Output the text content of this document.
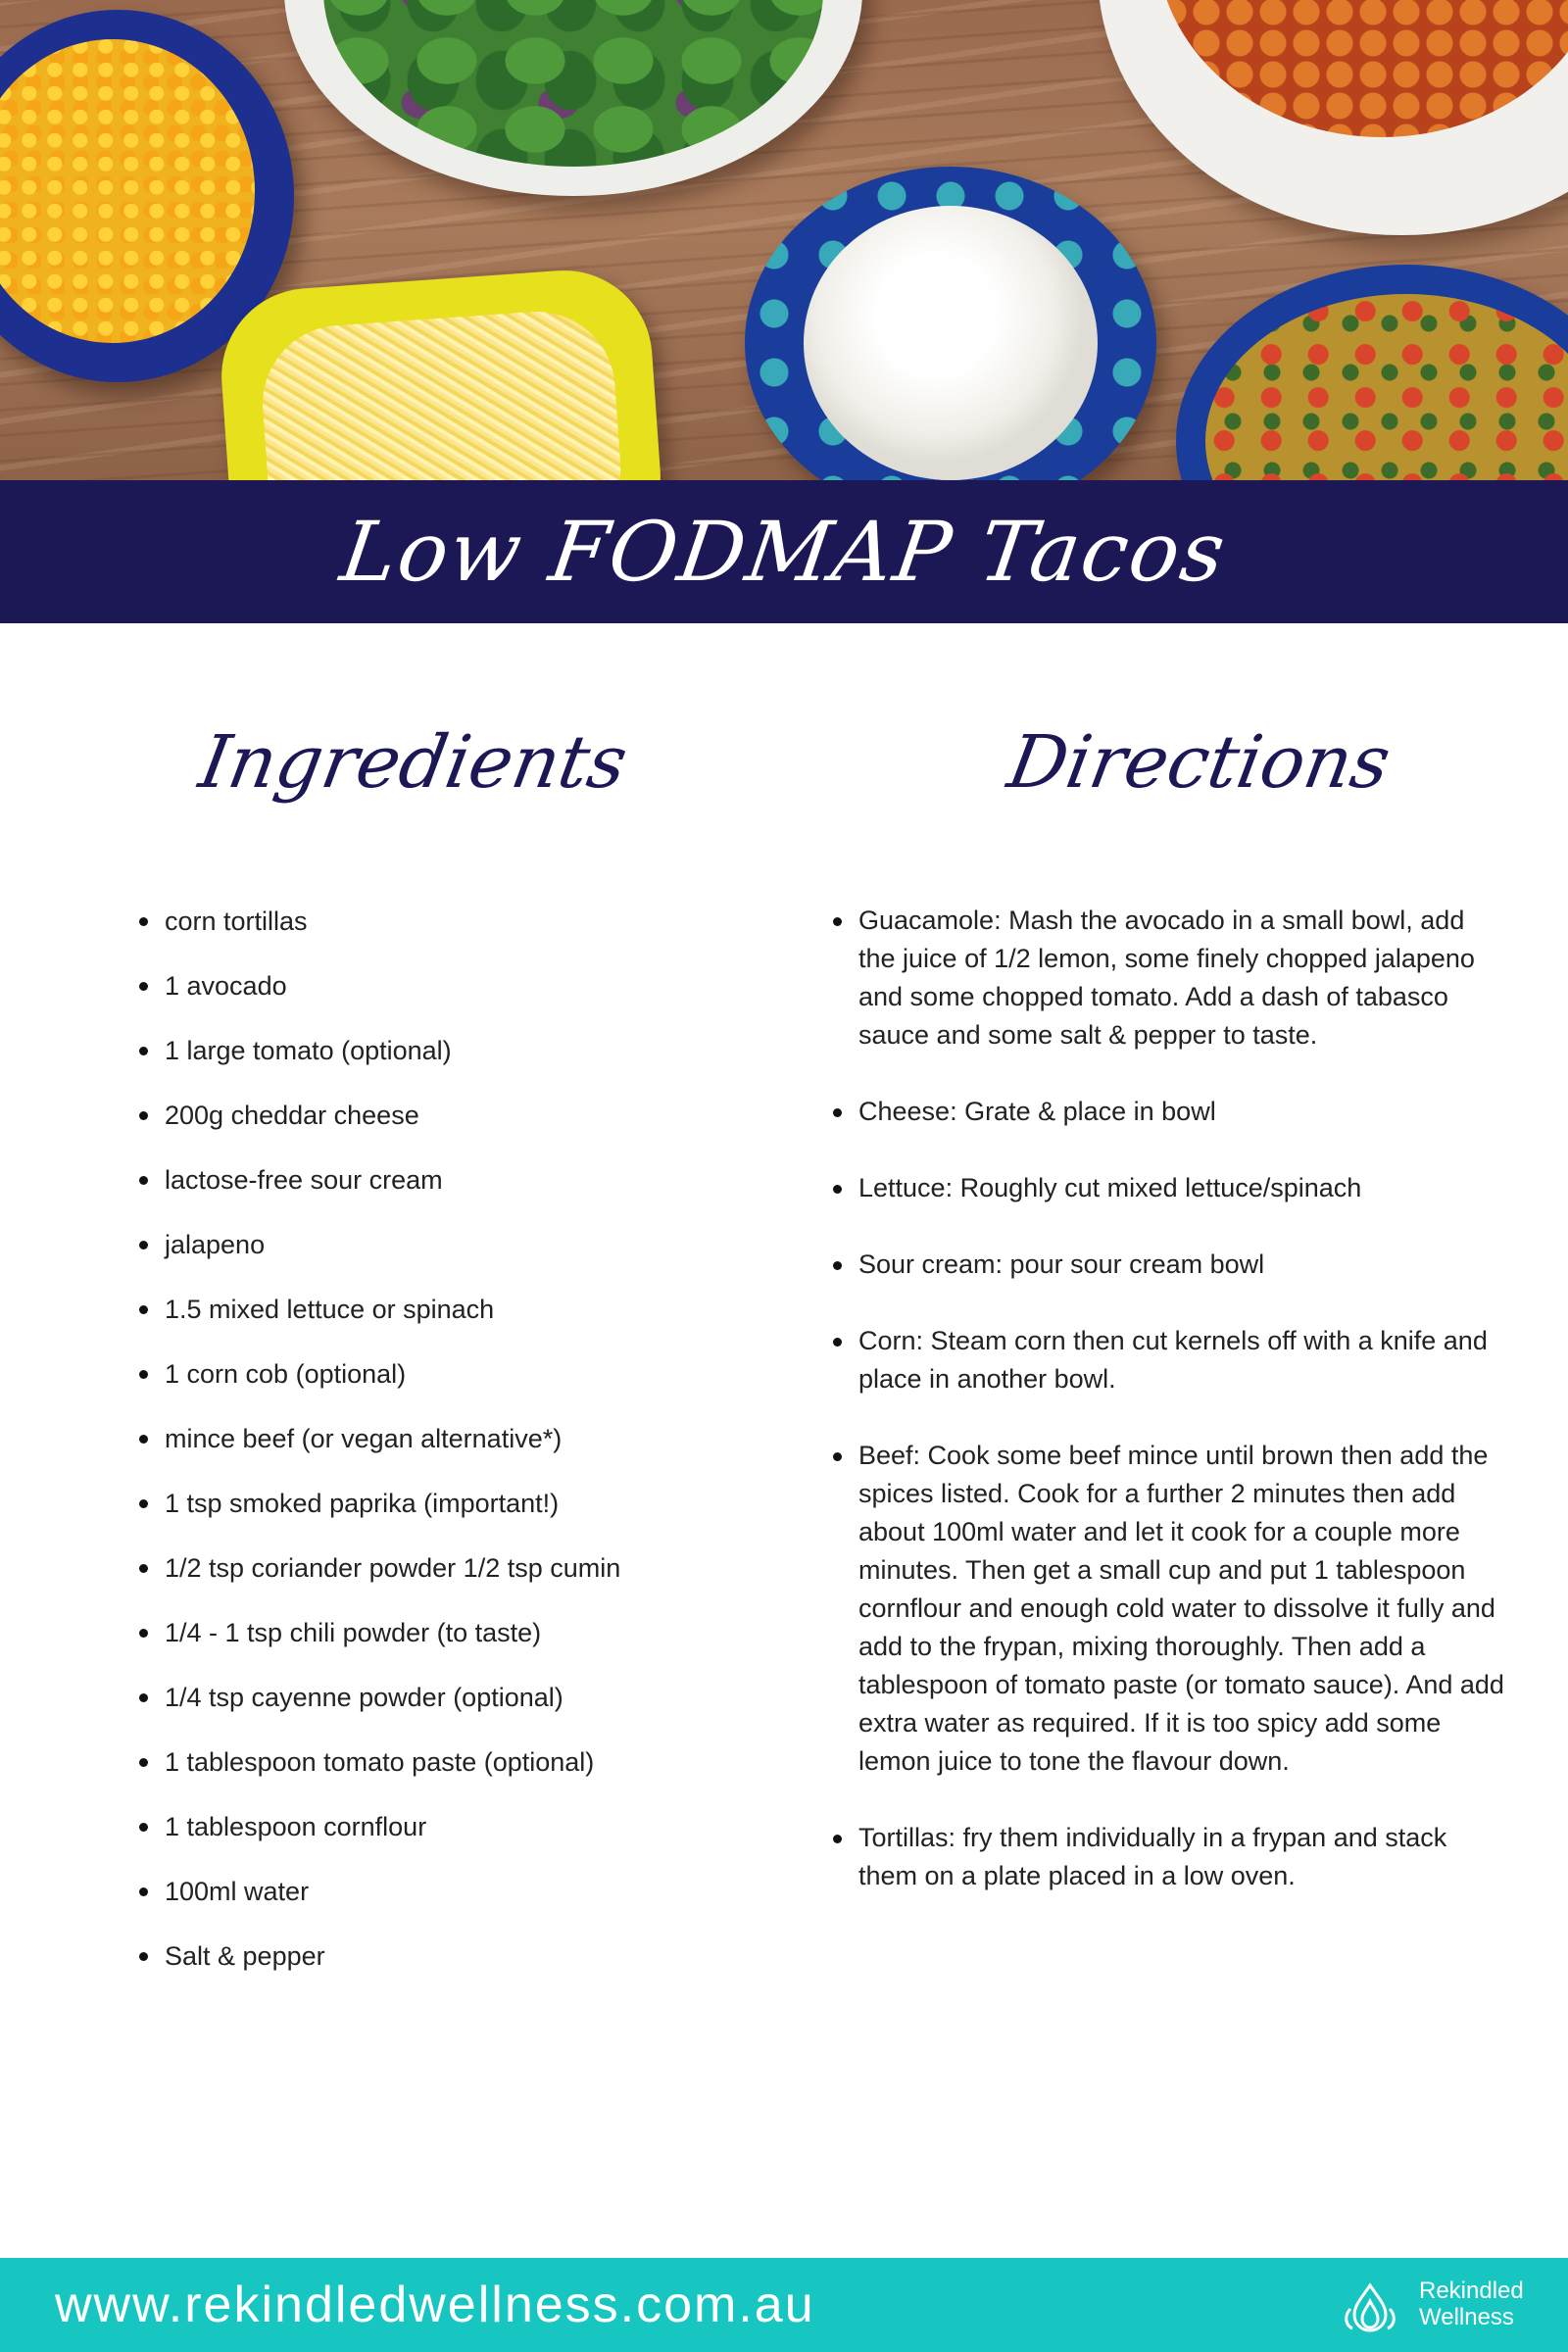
Low FODMAP Tacos
Ingredients	Directions
corn tortillas
1 avocado
1 large tomato (optional)
200g cheddar cheese
lactose-free sour cream
jalapeno
1.5 mixed lettuce or spinach
1 corn cob (optional)
mince beef (or vegan alternative*)
1 tsp smoked paprika (important!)
1/2 tsp coriander powder 1/2 tsp cumin
1/4 - 1 tsp chili powder (to taste)
1/4 tsp cayenne powder (optional)
1 tablespoon tomato paste (optional)
1 tablespoon cornflour
100ml water
Salt & pepper
Guacamole: Mash the avocado in a small bowl, add the juice of 1/2 lemon, some finely chopped jalapeno and some chopped tomato. Add a dash of tabasco sauce and some salt & pepper to taste.
Cheese: Grate & place in bowl
Lettuce: Roughly cut mixed lettuce/spinach
Sour cream: pour sour cream bowl
Corn: Steam corn then cut kernels off with a knife and place in another bowl.
Beef: Cook some beef mince until brown then add the spices listed. Cook for a further 2 minutes then add about 100ml water and let it cook for a couple more minutes. Then get a small cup and put 1 tablespoon cornflour and enough cold water to dissolve it fully and add to the frypan, mixing thoroughly. Then add a tablespoon of tomato paste (or tomato sauce). And add extra water as required. If it is too spicy add some lemon juice to tone the flavour down.
Tortillas: fry them individually in a frypan and stack them on a plate placed in a low oven.
www.rekindledwellness.com.au	Rekindled
Wellness
